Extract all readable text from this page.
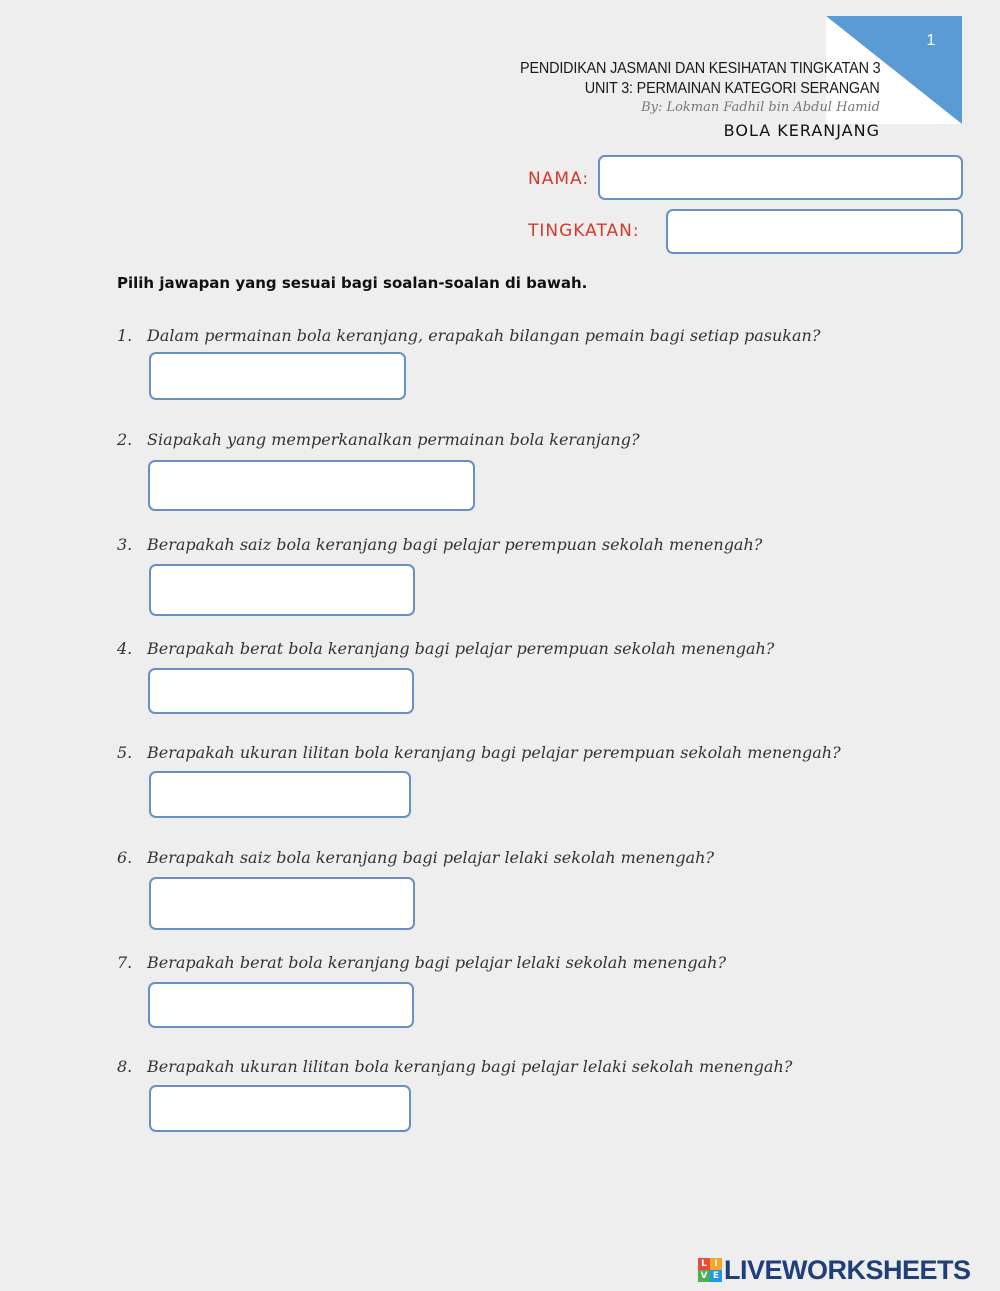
1
PENDIDIKAN JASMANI DAN KESIHATAN TINGKATAN 3
UNIT 3: PERMAINAN KATEGORI SERANGAN
By: Lokman Fadhil bin Abdul Hamid
BOLA KERANJANG
NAMA:
TINGKATAN:
Pilih jawapan yang sesuai bagi soalan-soalan di bawah.
1. Dalam permainan bola keranjang, erapakah bilangan pemain bagi setiap pasukan?
2. Siapakah yang memperkanalkan permainan bola keranjang?
3. Berapakah saiz bola keranjang bagi pelajar perempuan sekolah menengah?
4. Berapakah berat bola keranjang bagi pelajar perempuan sekolah menengah?
5. Berapakah ukuran lilitan bola keranjang bagi pelajar perempuan sekolah menengah?
6. Berapakah saiz bola keranjang bagi pelajar lelaki sekolah menengah?
7. Berapakah berat bola keranjang bagi pelajar lelaki sekolah menengah?
8. Berapakah ukuran lilitan bola keranjang bagi pelajar lelaki sekolah menengah?
L I
V E LIVEWORKSHEETS
